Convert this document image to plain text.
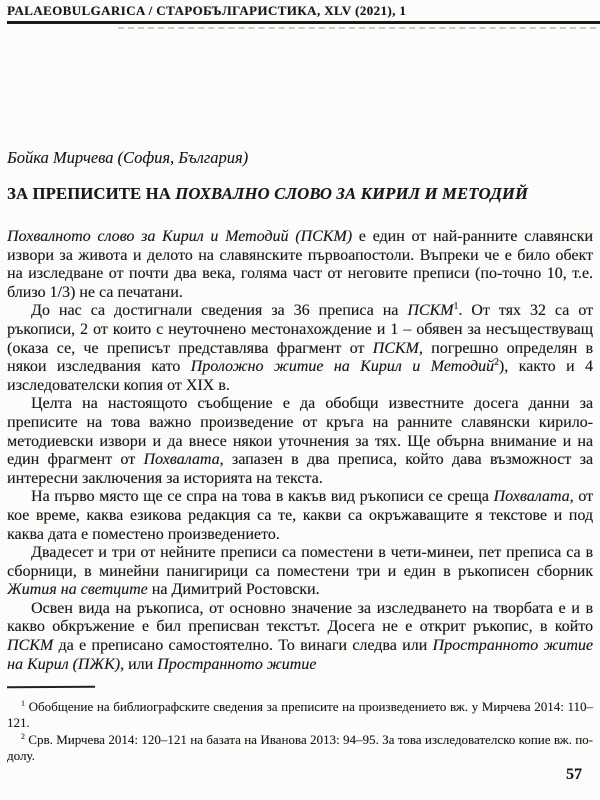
PALAEOBULGARICA / СТАРОБЪЛГАРИСТИКА, XLV (2021), 1
Бойка Мирчева (София, България)
ЗА ПРЕПИСИТЕ НА ПОХВАЛНО СЛОВО ЗА КИРИЛ И МЕТОДИЙ

Похвалното слово за Кирил и Методий (ПСКМ) е един от най-ранните славянски извори за живота и делото на славянските първоапостоли. Въпреки че е било обект на изследване от почти два века, голяма част от неговите преписи (по-точно 10, т.е. близо 1/3) не са печатани.

До нас са достигнали сведения за 36 преписа на ПСКМ$^1$. От тях 32 са от ръкописи, 2 от които с неуточнено местонахождение и 1 – обявен за несъществуващ (оказа се, че преписът представлява фрагмент от ПСКМ, погрешно определян в някои изследвания като Проложно житие на Кирил и Методий$^2$), както и 4 изследователски копия от XIX в.

Целта на настоящото съобщение е да обобщи известните досега данни за преписите на това важно произведение от кръга на ранните славянски кирило-методиевски извори и да внесе някои уточнения за тях. Ще обърна внимание и на един фрагмент от Похвалата, запазен в два преписа, който дава възможност за интересни заключения за историята на текста.

На първо място ще се спра на това в какъв вид ръкописи се среща Похвалата, от кое време, каква езикова редакция са те, какви са окръжаващите я текстове и под каква дата е поместено произведението.

Двадесет и три от нейните преписи са поместени в чети-минеи, пет преписа са в сборници, в минейни панигирици са поместени три и един в ръкописен сборник Жития на светците на Димитрий Ростовски.

Освен вида на ръкописа, от основно значение за изследването на творбата е и в какво обкръжение е бил преписван текстът. Досега не е открит ръкопис, в който ПСКМ да е преписано самостоятелно. То винаги следва или Пространното житие на Кирил (ПЖК), или Пространното житие

$^1$ Обобщение на библиографските сведения за преписите на произведението вж. у Мирчева 2014: 110–121.

$^2$ Срв. Мирчева 2014: 120–121 на базата на Иванова 2013: 94–95. За това изследователско копие вж. по-долу.

57
